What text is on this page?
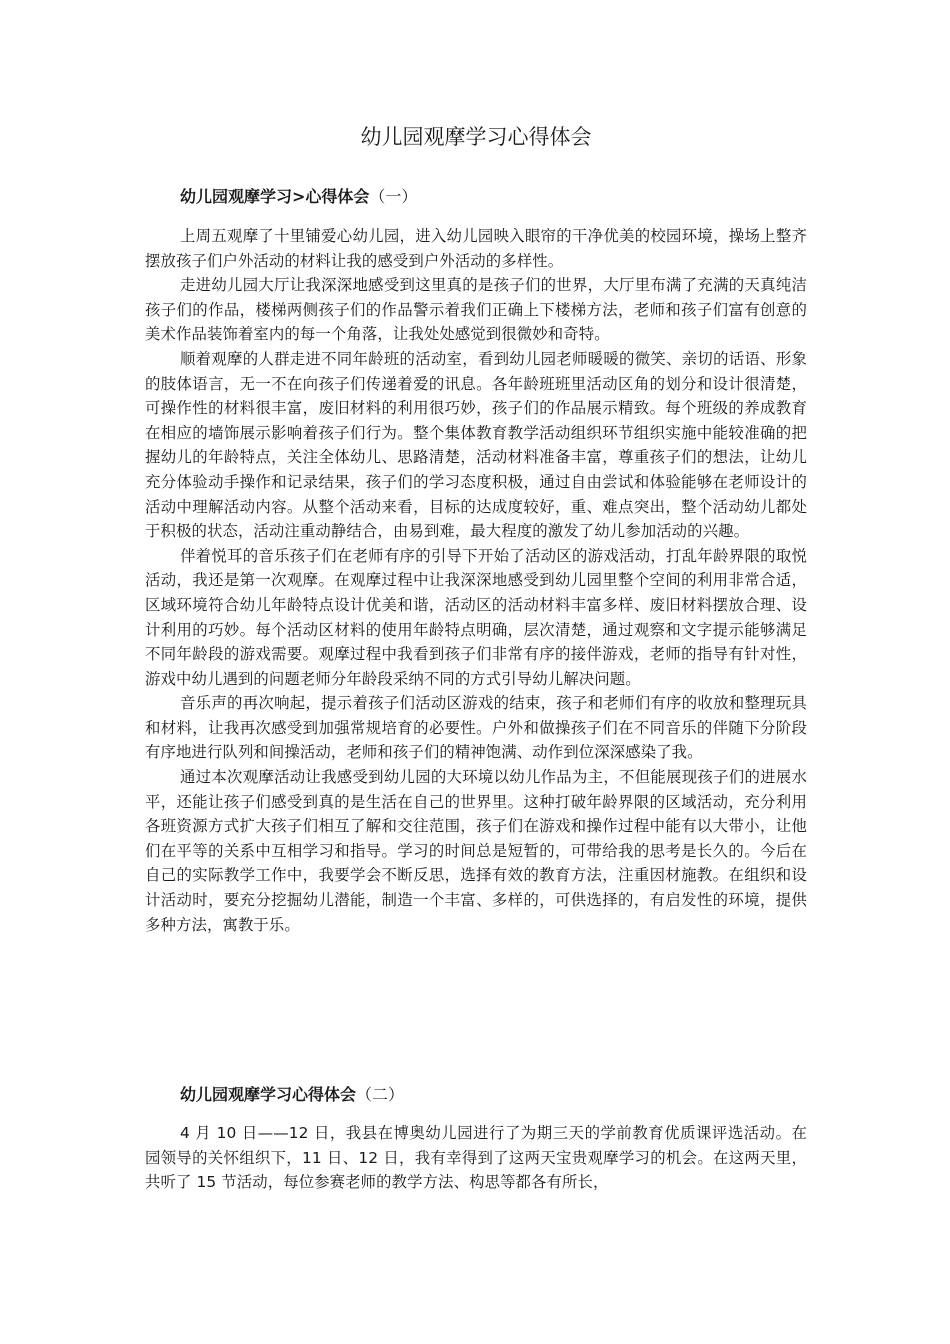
幼儿园观摩学习心得体会
幼儿园观摩学习>心得体会（一）

上周五观摩了十里铺爱心幼儿园，进入幼儿园映入眼帘的干净优美的校园环境，操场上整齐摆放孩子们户外活动的材料让我的感受到户外活动的多样性。

走进幼儿园大厅让我深深地感受到这里真的是孩子们的世界，大厅里布满了充满的天真纯洁孩子们的作品，楼梯两侧孩子们的作品警示着我们正确上下楼梯方法，老师和孩子们富有创意的美术作品装饰着室内的每一个角落，让我处处感觉到很微妙和奇特。

顺着观摩的人群走进不同年龄班的活动室，看到幼儿园老师暖暖的微笑、亲切的话语、形象的肢体语言，无一不在向孩子们传递着爱的讯息。各年龄班班里活动区角的划分和设计很清楚，可操作性的材料很丰富，废旧材料的利用很巧妙，孩子们的作品展示精致。每个班级的养成教育在相应的墙饰展示影响着孩子们行为。整个集体教育教学活动组织环节组织实施中能较准确的把握幼儿的年龄特点，关注全体幼儿、思路清楚，活动材料准备丰富，尊重孩子们的想法，让幼儿充分体验动手操作和记录结果，孩子们的学习态度积极，通过自由尝试和体验能够在老师设计的活动中理解活动内容。从整个活动来看，目标的达成度较好，重、难点突出，整个活动幼儿都处于积极的状态，活动注重动静结合，由易到难，最大程度的激发了幼儿参加活动的兴趣。

伴着悦耳的音乐孩子们在老师有序的引导下开始了活动区的游戏活动，打乱年龄界限的取悦活动，我还是第一次观摩。在观摩过程中让我深深地感受到幼儿园里整个空间的利用非常合适，区域环境符合幼儿年龄特点设计优美和谐，活动区的活动材料丰富多样、废旧材料摆放合理、设计利用的巧妙。每个活动区材料的使用年龄特点明确，层次清楚，通过观察和文字提示能够满足不同年龄段的游戏需要。观摩过程中我看到孩子们非常有序的接伴游戏，老师的指导有针对性，游戏中幼儿遇到的问题老师分年龄段采纳不同的方式引导幼儿解决问题。

音乐声的再次响起，提示着孩子们活动区游戏的结束，孩子和老师们有序的收放和整理玩具和材料，让我再次感受到加强常规培育的必要性。户外和做操孩子们在不同音乐的伴随下分阶段有序地进行队列和间操活动，老师和孩子们的精神饱满、动作到位深深感染了我。

通过本次观摩活动让我感受到幼儿园的大环境以幼儿作品为主，不但能展现孩子们的进展水平，还能让孩子们感受到真的是生活在自己的世界里。这种打破年龄界限的区域活动，充分利用各班资源方式扩大孩子们相互了解和交往范围，孩子们在游戏和操作过程中能有以大带小，让他们在平等的关系中互相学习和指导。学习的时间总是短暂的，可带给我的思考是长久的。今后在自己的实际教学工作中，我要学会不断反思，选择有效的教育方法，注重因材施教。在组织和设计活动时，要充分挖掘幼儿潜能，制造一个丰富、多样的，可供选择的，有启发性的环境，提供多种方法，寓教于乐。

幼儿园观摩学习心得体会（二）

4 月 10 日——12 日，我县在博奥幼儿园进行了为期三天的学前教育优质课评选活动。在园领导的关怀组织下，11 日、12 日，我有幸得到了这两天宝贵观摩学习的机会。在这两天里，共听了 15 节活动，每位参赛老师的教学方法、构思等都各有所长，
